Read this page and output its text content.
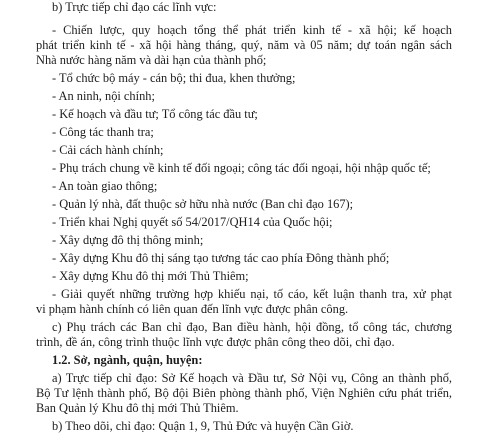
b) Trực tiếp chỉ đạo các lĩnh vực:
- Chiến lược, quy hoạch tổng thể phát triển kinh tế - xã hội; kế hoạch
phát triển kinh tế - xã hội hàng tháng, quý, năm và 05 năm; dự toán ngân sách
Nhà nước hàng năm và dài hạn của thành phố;
- Tổ chức bộ máy - cán bộ; thi đua, khen thưởng;
- An ninh, nội chính;
- Kế hoạch và đầu tư; Tổ công tác đầu tư;
- Công tác thanh tra;
- Cải cách hành chính;
- Phụ trách chung về kinh tế đối ngoại; công tác đối ngoại, hội nhập quốc tế;
- An toàn giao thông;
- Quản lý nhà, đất thuộc sở hữu nhà nước (Ban chỉ đạo 167);
- Triển khai Nghị quyết số 54/2017/QH14 của Quốc hội;
- Xây dựng đô thị thông minh;
- Xây dựng Khu đô thị sáng tạo tương tác cao phía Đông thành phố;
- Xây dựng Khu đô thị mới Thủ Thiêm;
- Giải quyết những trường hợp khiếu nại, tố cáo, kết luận thanh tra, xử phạt
vi phạm hành chính có liên quan đến lĩnh vực được phân công.
c) Phụ trách các Ban chỉ đạo, Ban điều hành, hội đồng, tổ công tác, chương
trình, đề án, công trình thuộc lĩnh vực được phân công theo dõi, chỉ đạo.
1.2. Sở, ngành, quận, huyện:
a) Trực tiếp chỉ đạo: Sở Kế hoạch và Đầu tư, Sở Nội vụ, Công an thành phố,
Bộ Tư lệnh thành phố, Bộ đội Biên phòng thành phố, Viện Nghiên cứu phát triển,
Ban Quản lý Khu đô thị mới Thủ Thiêm.
b) Theo dõi, chỉ đạo: Quận 1, 9, Thủ Đức và huyện Cần Giờ.
